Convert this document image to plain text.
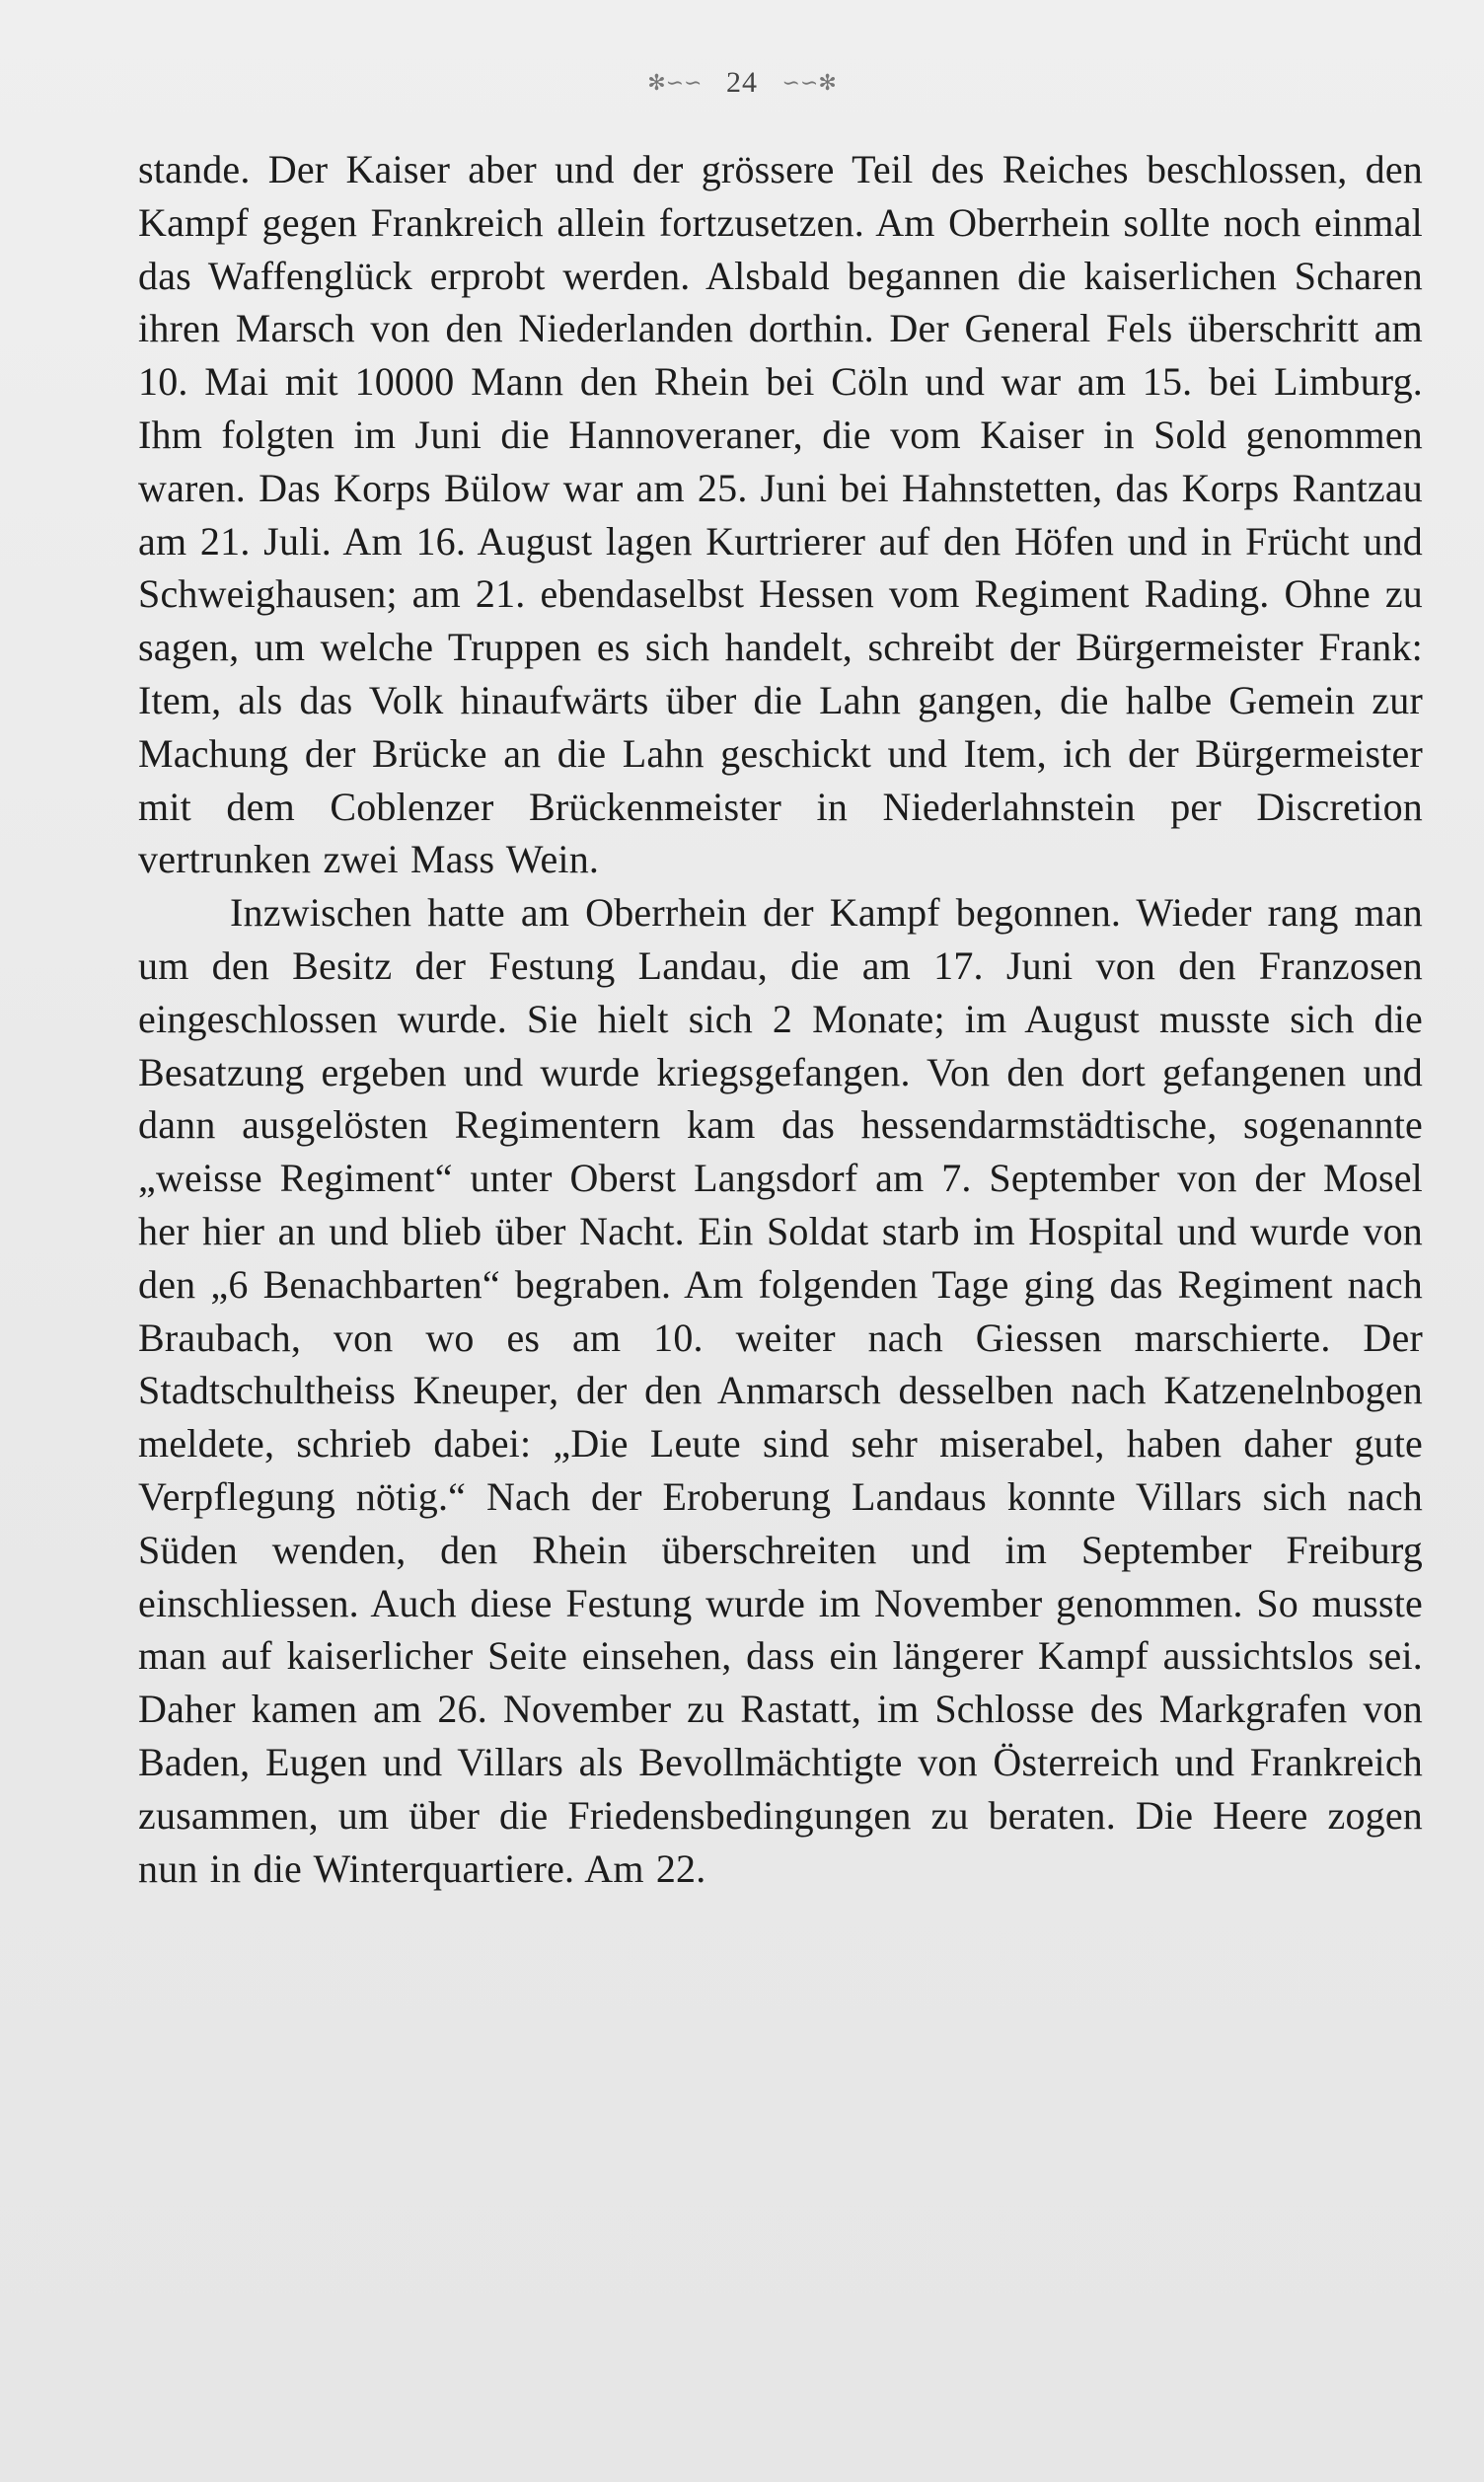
✻∽∽ 24 ∽∽✻

stande. Der Kaiser aber und der grössere Teil des Reiches beschlossen, den Kampf gegen Frankreich allein fortzusetzen. Am Oberrhein sollte noch einmal das Waffenglück erprobt werden. Alsbald begannen die kaiserlichen Scharen ihren Marsch von den Niederlanden dorthin. Der General Fels überschritt am 10. Mai mit 10000 Mann den Rhein bei Cöln und war am 15. bei Limburg. Ihm folgten im Juni die Hannoveraner, die vom Kaiser in Sold genommen waren. Das Korps Bülow war am 25. Juni bei Hahnstetten, das Korps Rantzau am 21. Juli. Am 16. August lagen Kurtrierer auf den Höfen und in Frücht und Schweighausen; am 21. ebendaselbst Hessen vom Regiment Rading. Ohne zu sagen, um welche Truppen es sich handelt, schreibt der Bürgermeister Frank: Item, als das Volk hinaufwärts über die Lahn gangen, die halbe Gemein zur Machung der Brücke an die Lahn geschickt und Item, ich der Bürgermeister mit dem Coblenzer Brückenmeister in Niederlahnstein per Discretion vertrunken zwei Mass Wein.

Inzwischen hatte am Oberrhein der Kampf begonnen. Wieder rang man um den Besitz der Festung Landau, die am 17. Juni von den Franzosen eingeschlossen wurde. Sie hielt sich 2 Monate; im August musste sich die Besatzung ergeben und wurde kriegsgefangen. Von den dort gefangenen und dann ausgelösten Regimentern kam das hessendarmstädtische, sogenannte „weisse Regiment“ unter Oberst Langsdorf am 7. September von der Mosel her hier an und blieb über Nacht. Ein Soldat starb im Hospital und wurde von den „6 Benachbarten“ begraben. Am folgenden Tage ging das Regiment nach Braubach, von wo es am 10. weiter nach Giessen marschierte. Der Stadtschultheiss Kneuper, der den Anmarsch desselben nach Katzenelnbogen meldete, schrieb dabei: „Die Leute sind sehr miserabel, haben daher gute Verpflegung nötig.“ Nach der Eroberung Landaus konnte Villars sich nach Süden wenden, den Rhein überschreiten und im September Freiburg einschliessen. Auch diese Festung wurde im November genommen. So musste man auf kaiserlicher Seite einsehen, dass ein längerer Kampf aussichtslos sei. Daher kamen am 26. November zu Rastatt, im Schlosse des Markgrafen von Baden, Eugen und Villars als Bevollmächtigte von Österreich und Frankreich zusammen, um über die Friedensbedingungen zu beraten. Die Heere zogen nun in die Winterquartiere. Am 22.
